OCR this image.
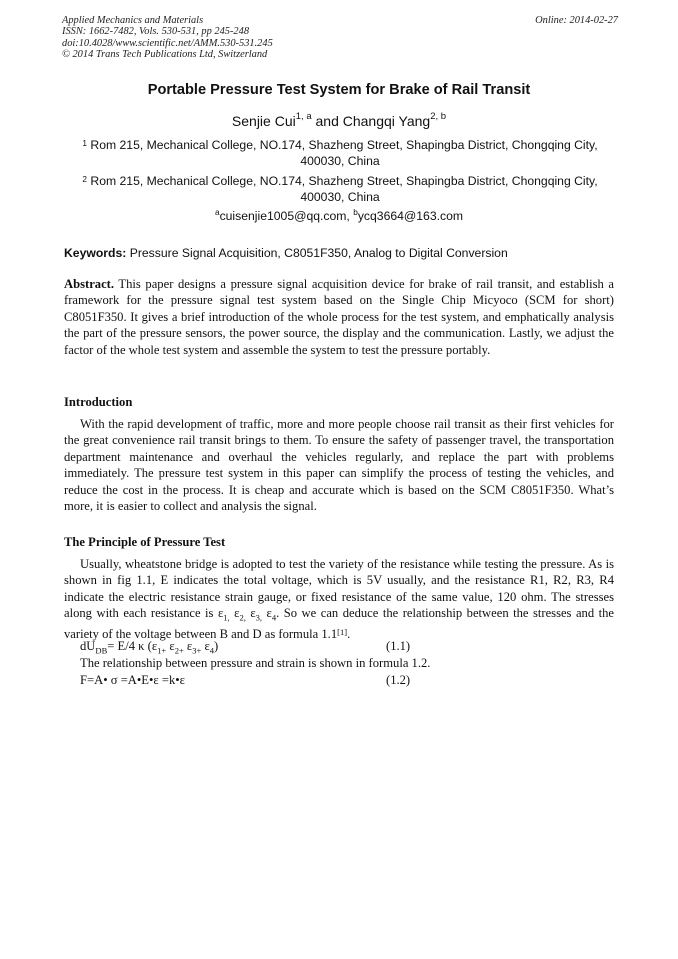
Applied Mechanics and Materials
ISSN: 1662-7482, Vols. 530-531, pp 245-248
doi:10.4028/www.scientific.net/AMM.530-531.245
© 2014 Trans Tech Publications Ltd, Switzerland
Online: 2014-02-27
Portable Pressure Test System for Brake of Rail Transit
Senjie Cui$^{1, a}$ and Changqi Yang$^{2, b}$
$^1$ Rom 215, Mechanical College, NO.174, Shazheng Street, Shapingba District, Chongqing City,
400030, China
$^2$ Rom 215, Mechanical College, NO.174, Shazheng Street, Shapingba District, Chongqing City,
400030, China
$^a$cuisenjie1005@qq.com, $^b$ycq3664@163.com
Keywords: Pressure Signal Acquisition, C8051F350, Analog to Digital Conversion
Abstract. This paper designs a pressure signal acquisition device for brake of rail transit, and establish a framework for the pressure signal test system based on the Single Chip Micyoco (SCM for short) C8051F350. It gives a brief introduction of the whole process for the test system, and emphatically analysis the part of the pressure sensors, the power source, the display and the communication. Lastly, we adjust the factor of the whole test system and assemble the system to test the pressure portably.
Introduction
With the rapid development of traffic, more and more people choose rail transit as their first vehicles for the great convenience rail transit brings to them. To ensure the safety of passenger travel, the transportation department maintenance and overhaul the vehicles regularly, and replace the part with problems immediately. The pressure test system in this paper can simplify the process of testing the vehicles, and reduce the cost in the process. It is cheap and accurate which is based on the SCM C8051F350. What’s more, it is easier to collect and analysis the signal.
The Principle of Pressure Test
Usually, wheatstone bridge is adopted to test the variety of the resistance while testing the pressure. As is shown in fig 1.1, E indicates the total voltage, which is 5V usually, and the resistance R1, R2, R3, R4 indicate the electric resistance strain gauge, or fixed resistance of the same value, 120 ohm. The stresses along with each resistance is $\varepsilon_{1,}$ $\varepsilon_{2,}$ $\varepsilon_{3,}$ $\varepsilon_4$. So we can deduce the relationship between the stresses and the variety of the voltage between B and D as formula 1.1[1].
$dU_{DB}= E/4$ κ ($\varepsilon_{1+}$ $\varepsilon_{2+}$ $\varepsilon_{3+}$ $\varepsilon_4$)	(1.1)
The relationship between pressure and strain is shown in formula 1.2.
F=A• σ =A•E•ε =k•ε	(1.2)
